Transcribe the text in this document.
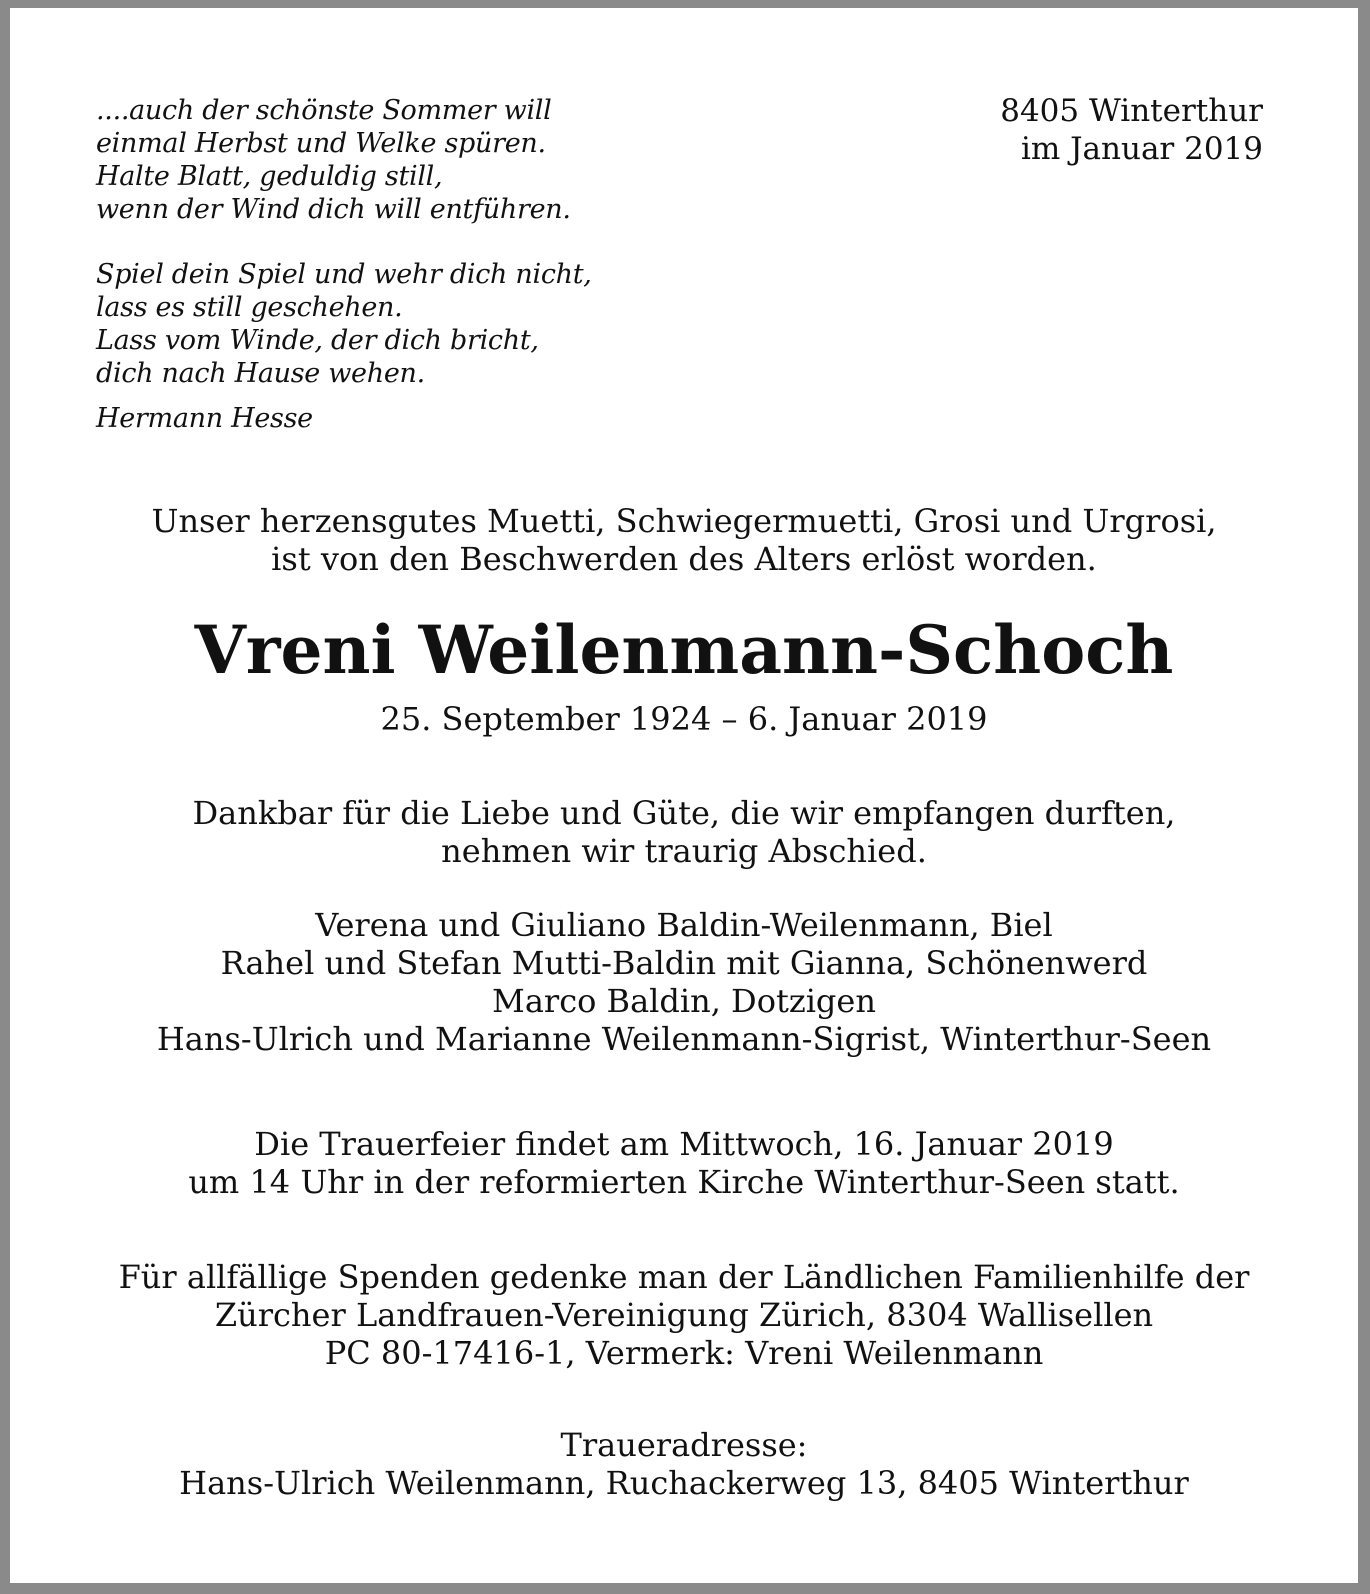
....auch der schönste Sommer will
einmal Herbst und Welke spüren.
Halte Blatt, geduldig still,
wenn der Wind dich will entführen.
Spiel dein Spiel und wehr dich nicht,
lass es still geschehen.
Lass vom Winde, der dich bricht,
dich nach Hause wehen.
Hermann Hesse
8405 Winterthur
im Januar 2019
Unser herzensgutes Muetti, Schwiegermuetti, Grosi und Urgrosi,
ist von den Beschwerden des Alters erlöst worden.
Vreni Weilenmann-Schoch
25. September 1924 – 6. Januar 2019
Dankbar für die Liebe und Güte, die wir empfangen durften,
nehmen wir traurig Abschied.
Verena und Giuliano Baldin-Weilenmann, Biel
Rahel und Stefan Mutti-Baldin mit Gianna, Schönenwerd
Marco Baldin, Dotzigen
Hans-Ulrich und Marianne Weilenmann-Sigrist, Winterthur-Seen
Die Trauerfeier findet am Mittwoch, 16. Januar 2019
um 14 Uhr in der reformierten Kirche Winterthur-Seen statt.
Für allfällige Spenden gedenke man der Ländlichen Familienhilfe der
Zürcher Landfrauen-Vereinigung Zürich, 8304 Wallisellen
PC 80-17416-1, Vermerk: Vreni Weilenmann
Traueradresse:
Hans-Ulrich Weilenmann, Ruchackerweg 13, 8405 Winterthur
